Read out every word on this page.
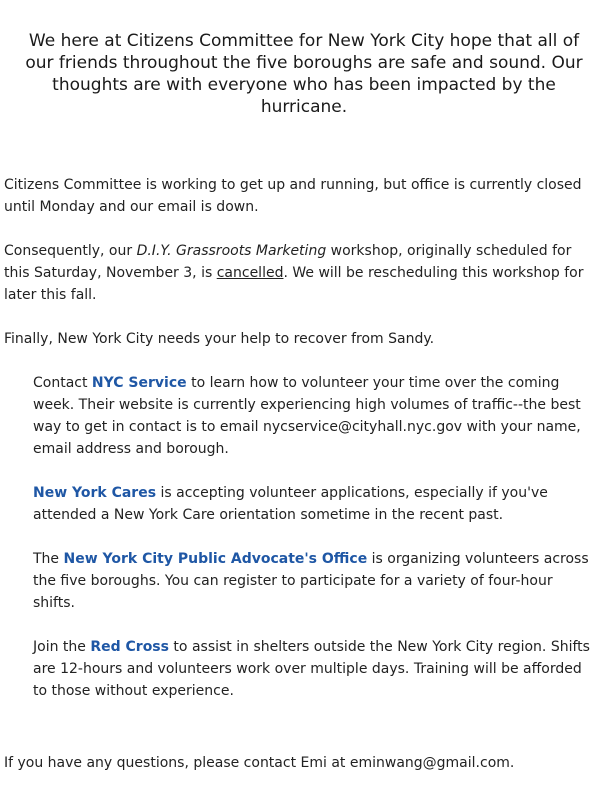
We here at Citizens Committee for New York City hope that all of our friends throughout the five boroughs are safe and sound. Our thoughts are with everyone who has been impacted by the hurricane.

Citizens Committee is working to get up and running, but office is currently closed until Monday and our email is down.

Consequently, our D.I.Y. Grassroots Marketing workshop, originally scheduled for this Saturday, November 3, is cancelled. We will be rescheduling this workshop for later this fall.

Finally, New York City needs your help to recover from Sandy.

Contact NYC Service to learn how to volunteer your time over the coming week. Their website is currently experiencing high volumes of traffic--the best way to get in contact is to email nycservice@cityhall.nyc.gov with your name, email address and borough.

New York Cares is accepting volunteer applications, especially if you've attended a New York Care orientation sometime in the recent past.

The New York City Public Advocate's Office is organizing volunteers across the five boroughs. You can register to participate for a variety of four-hour shifts.

Join the Red Cross to assist in shelters outside the New York City region. Shifts are 12-hours and volunteers work over multiple days. Training will be afforded to those without experience.

If you have any questions, please contact Emi at eminwang@gmail.com.
